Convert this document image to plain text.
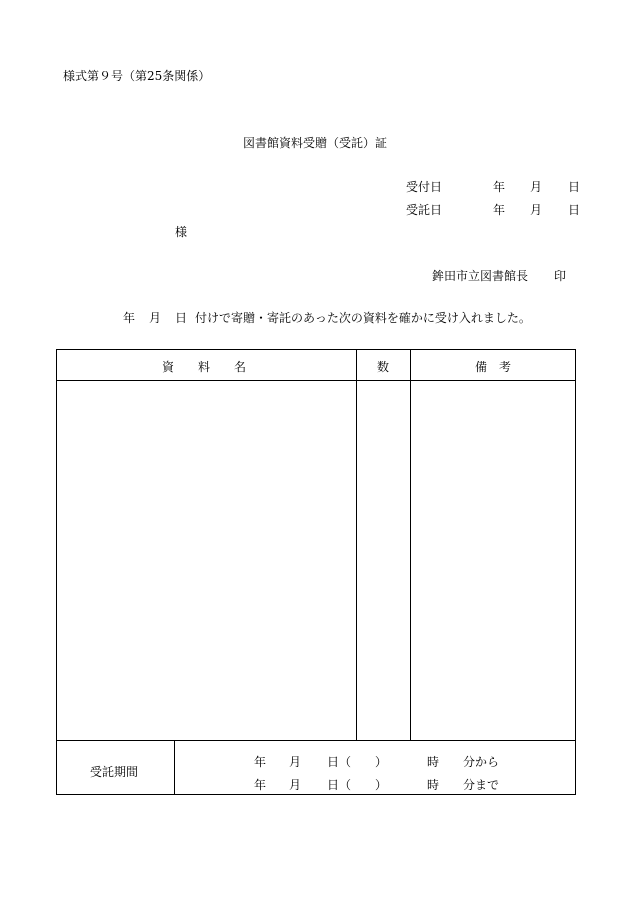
様式第９号（第25条関係）
図書館資料受贈（受託）証
受付日	年 月 日
受託日	年 月 日
様
鉾田市立図書館長 印
年 月 日 付けで寄贈・寄託のあった次の資料を確かに受け入れました。
資　　料　　名	数	備　考
受託期間
年 月 日（　　）	時 分から
年 月 日（　　）	時 分まで
